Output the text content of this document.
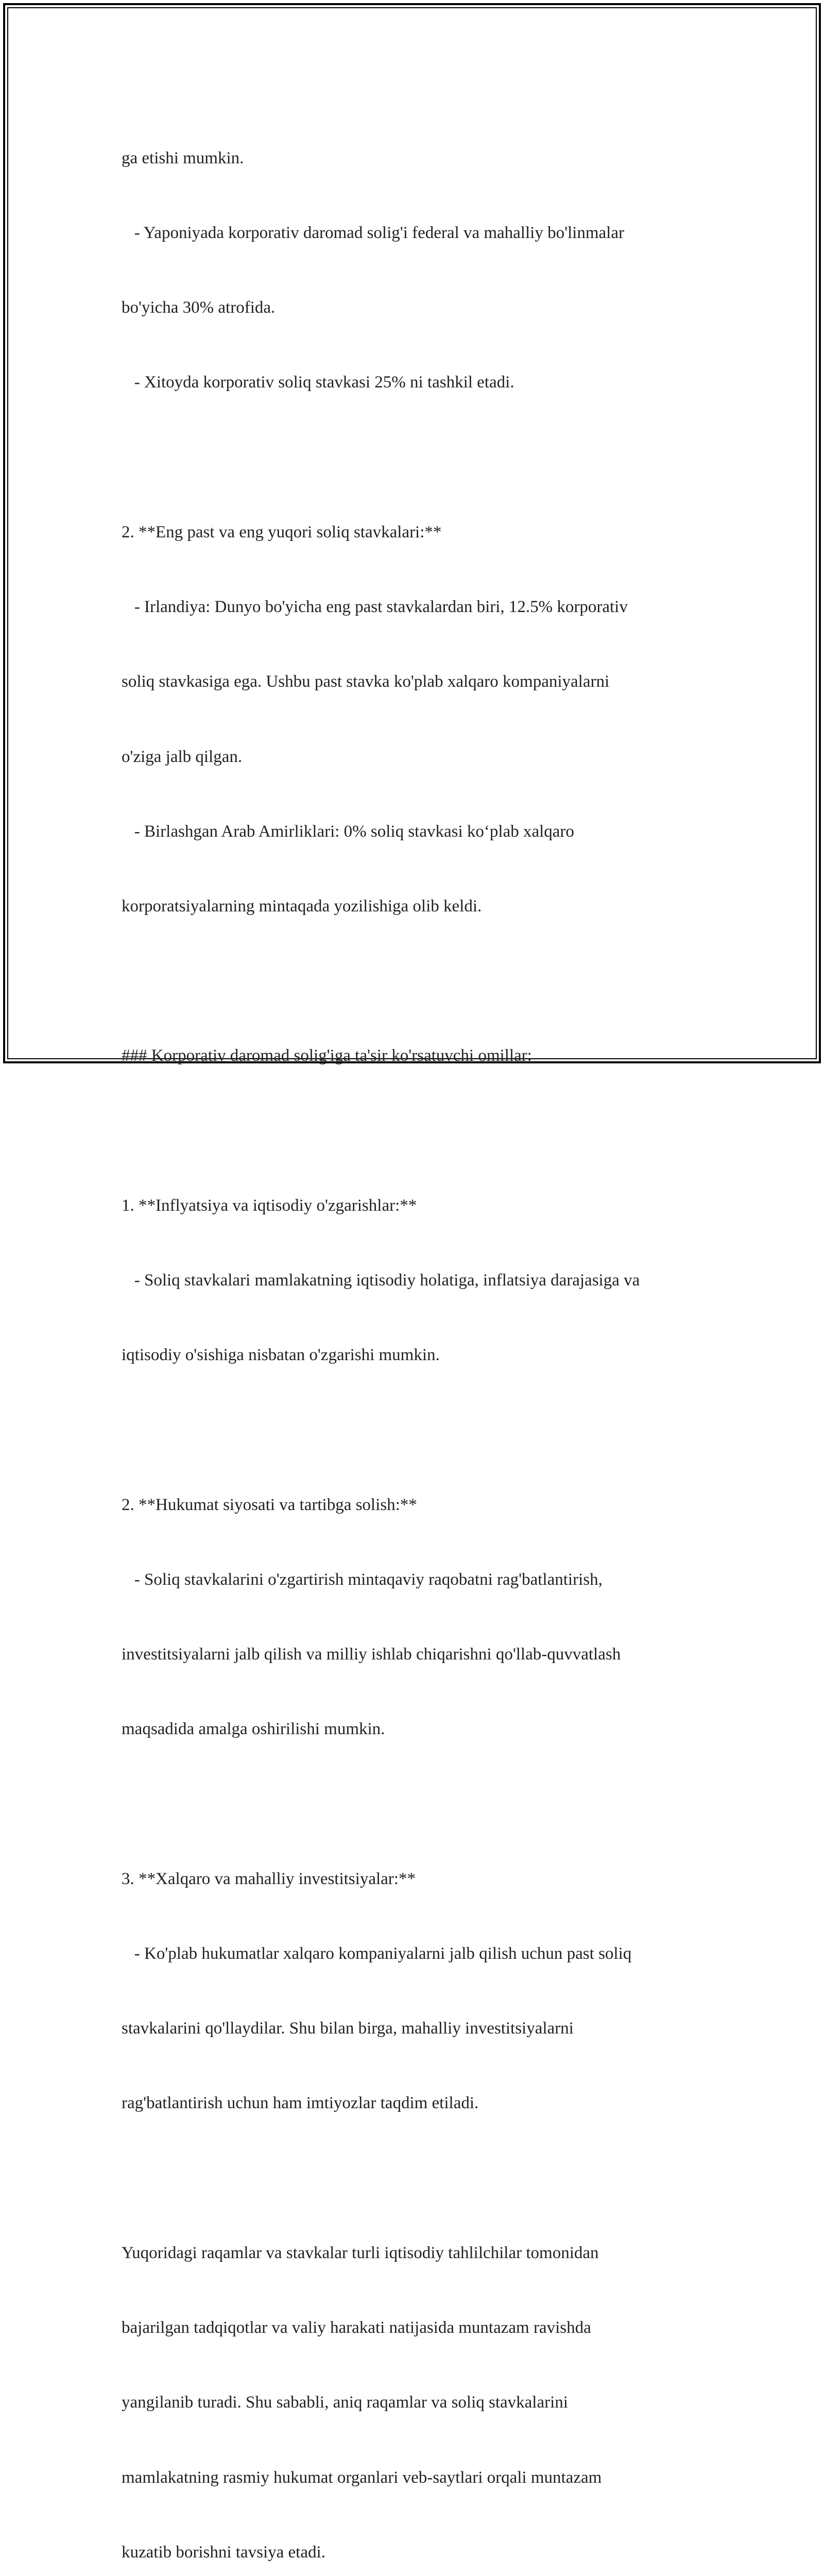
ga etishi mumkin.

- Yaponiyada korporativ daromad solig'i federal va mahalliy bo'linmalar

bo'yicha 30% atrofida.

- Xitoyda korporativ soliq stavkasi 25% ni tashkil etadi.

2. **Eng past va eng yuqori soliq stavkalari:**

- Irlandiya: Dunyo bo'yicha eng past stavkalardan biri, 12.5% korporativ

soliq stavkasiga ega. Ushbu past stavka ko'plab xalqaro kompaniyalarni

o'ziga jalb qilgan.

- Birlashgan Arab Amirliklari: 0% soliq stavkasi ko‘plab xalqaro

korporatsiyalarning mintaqada yozilishiga olib keldi.

### Korporativ daromad solig'iga ta'sir ko'rsatuvchi omillar:

1. **Inflyatsiya va iqtisodiy o'zgarishlar:**

- Soliq stavkalari mamlakatning iqtisodiy holatiga, inflatsiya darajasiga va

iqtisodiy o'sishiga nisbatan o'zgarishi mumkin.

2. **Hukumat siyosati va tartibga solish:**

- Soliq stavkalarini o'zgartirish mintaqaviy raqobatni rag'batlantirish,

investitsiyalarni jalb qilish va milliy ishlab chiqarishni qo'llab-quvvatlash

maqsadida amalga oshirilishi mumkin.

3. **Xalqaro va mahalliy investitsiyalar:**

- Ko'plab hukumatlar xalqaro kompaniyalarni jalb qilish uchun past soliq

stavkalarini qo'llaydilar. Shu bilan birga, mahalliy investitsiyalarni

rag'batlantirish uchun ham imtiyozlar taqdim etiladi.

Yuqoridagi raqamlar va stavkalar turli iqtisodiy tahlilchilar tomonidan

bajarilgan tadqiqotlar va valiy harakati natijasida muntazam ravishda

yangilanib turadi. Shu sababli, aniq raqamlar va soliq stavkalarini

mamlakatning rasmiy hukumat organlari veb-saytlari orqali muntazam

kuzatib borishni tavsiya etadi.
